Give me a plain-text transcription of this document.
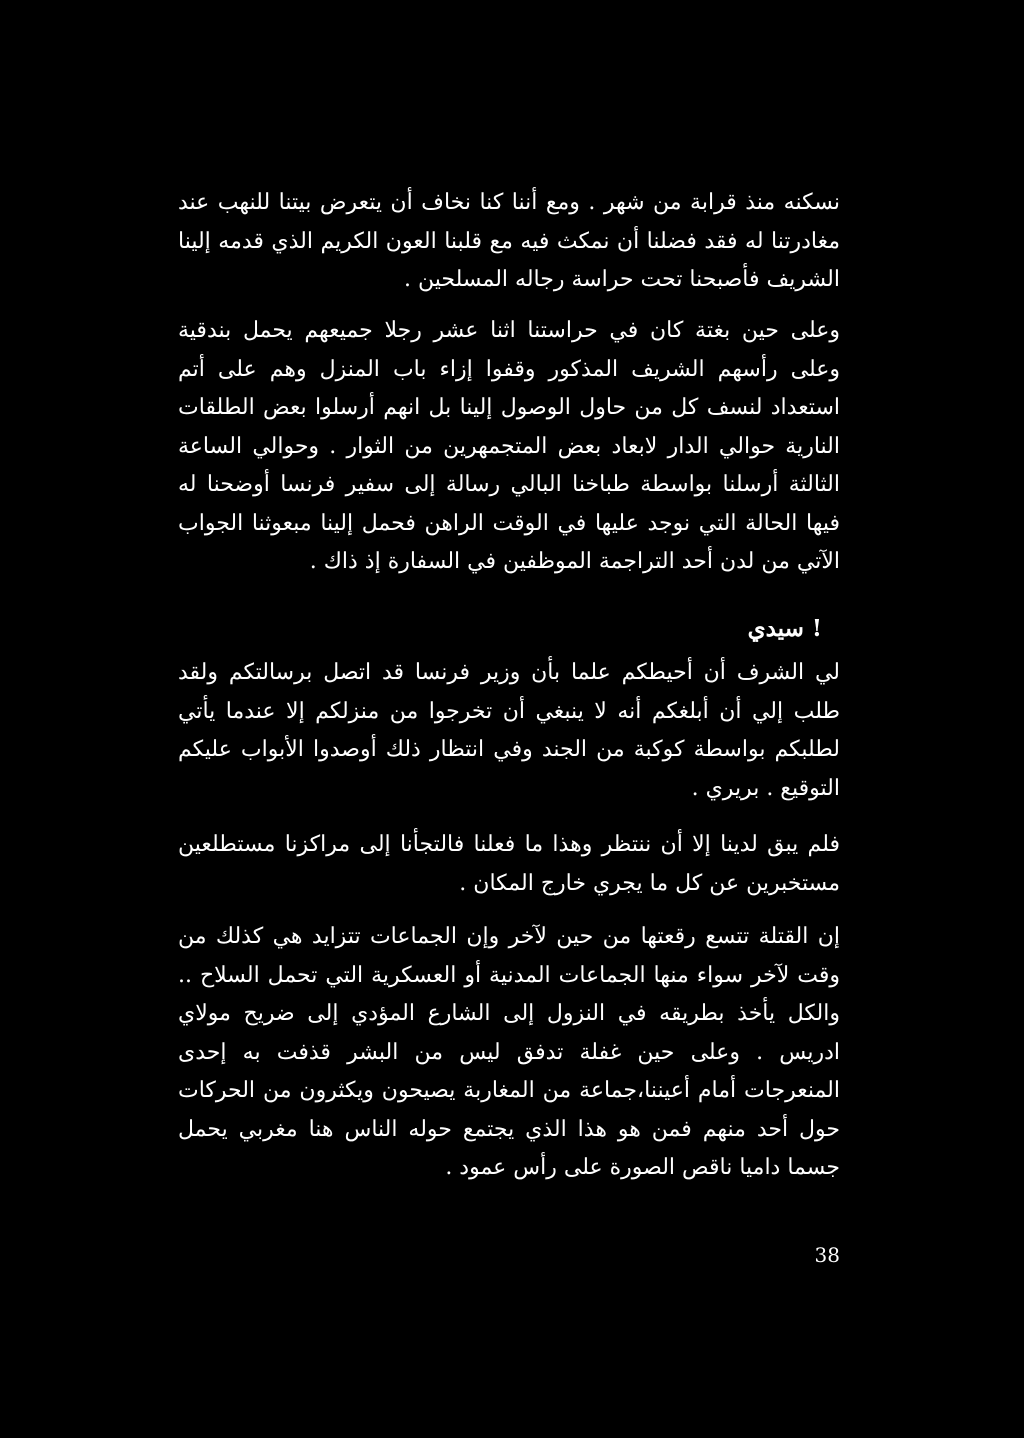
نسكنه منذ قرابة من شهر . ومع أننا كنا نخاف أن يتعرض بيتنا للنهب عند مغادرتنا له فقد فضلنا أن نمكث فيه مع قلبنا العون الكريم الذي قدمه إلينا الشريف فأصبحنا تحت حراسة رجاله المسلحين .

وعلى حين بغتة كان في حراستنا اثنا عشر رجلا جميعهم يحمل بندقية وعلى رأسهم الشريف المذكور وقفوا إزاء باب المنزل وهم على أتم استعداد لنسف كل من حاول الوصول إلينا بل انهم أرسلوا بعض الطلقات النارية حوالي الدار لابعاد بعض المتجمهرين من الثوار . وحوالي الساعة الثالثة أرسلنا بواسطة طباخنا البالي رسالة إلى سفير فرنسا أوضحنا له فيها الحالة التي نوجد عليها في الوقت الراهن فحمل إلينا مبعوثنا الجواب الآتي من لدن أحد التراجمة الموظفين في السفارة إذ ذاك .

! سيدي

لي الشرف أن أحيطكم علما بأن وزير فرنسا قد اتصل برسالتكم ولقد طلب إلي أن أبلغكم أنه لا ينبغي أن تخرجوا من منزلكم إلا عندما يأتي لطلبكم بواسطة كوكبة من الجند وفي انتظار ذلك أوصدوا الأبواب عليكم التوقيع . بريري .

فلم يبق لدينا إلا أن ننتظر وهذا ما فعلنا فالتجأنا إلى مراكزنا مستطلعين مستخبرين عن كل ما يجري خارج المكان .

إن القتلة تتسع رقعتها من حين لآخر وإن الجماعات تتزايد هي كذلك من وقت لآخر سواء منها الجماعات المدنية أو العسكرية التي تحمل السلاح .. والكل يأخذ بطريقه في النزول إلى الشارع المؤدي إلى ضريح مولاي ادريس . وعلى حين غفلة تدفق ليس من البشر قذفت به إحدى المنعرجات أمام أعيننا،جماعة من المغاربة يصيحون ويكثرون من الحركات حول أحد منهم فمن هو هذا الذي يجتمع حوله الناس هنا مغربي يحمل جسما داميا ناقص الصورة على رأس عمود .

38
